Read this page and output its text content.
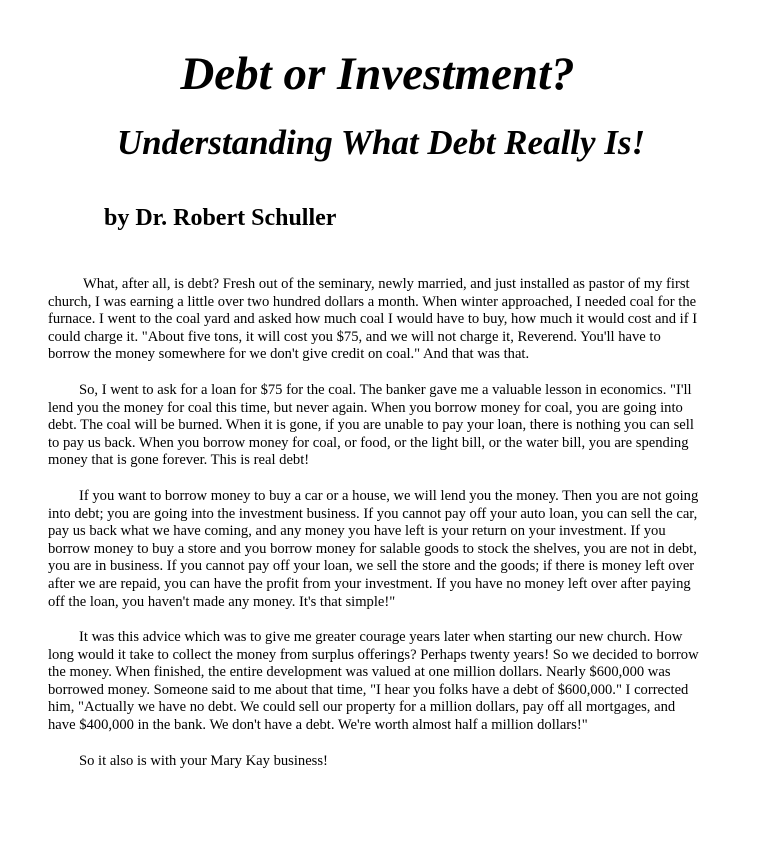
Debt or Investment?
Understanding What Debt Really Is!
by Dr. Robert Schuller

What, after all, is debt? Fresh out of the seminary, newly married, and just installed as pastor of my first church, I was earning a little over two hundred dollars a month. When winter approached, I needed coal for the furnace. I went to the coal yard and asked how much coal I would have to buy, how much it would cost and if I could charge it. "About five tons, it will cost you $75, and we will not charge it, Reverend. You'll have to borrow the money somewhere for we don't give credit on coal." And that was that.

So, I went to ask for a loan for $75 for the coal. The banker gave me a valuable lesson in economics. "I'll lend you the money for coal this time, but never again. When you borrow money for coal, you are going into debt. The coal will be burned. When it is gone, if you are unable to pay your loan, there is nothing you can sell to pay us back. When you borrow money for coal, or food, or the light bill, or the water bill, you are spending money that is gone forever. This is real debt!

If you want to borrow money to buy a car or a house, we will lend you the money. Then you are not going into debt; you are going into the investment business. If you cannot pay off your auto loan, you can sell the car, pay us back what we have coming, and any money you have left is your return on your investment. If you borrow money to buy a store and you borrow money for salable goods to stock the shelves, you are not in debt, you are in business. If you cannot pay off your loan, we sell the store and the goods; if there is money left over after we are repaid, you can have the profit from your investment. If you have no money left over after paying off the loan, you haven't made any money. It's that simple!"

It was this advice which was to give me greater courage years later when starting our new church. How long would it take to collect the money from surplus offerings? Perhaps twenty years! So we decided to borrow the money. When finished, the entire development was valued at one million dollars. Nearly $600,000 was borrowed money. Someone said to me about that time, "I hear you folks have a debt of $600,000." I corrected him, "Actually we have no debt. We could sell our property for a million dollars, pay off all mortgages, and have $400,000 in the bank. We don't have a debt. We're worth almost half a million dollars!"

So it also is with your Mary Kay business!
